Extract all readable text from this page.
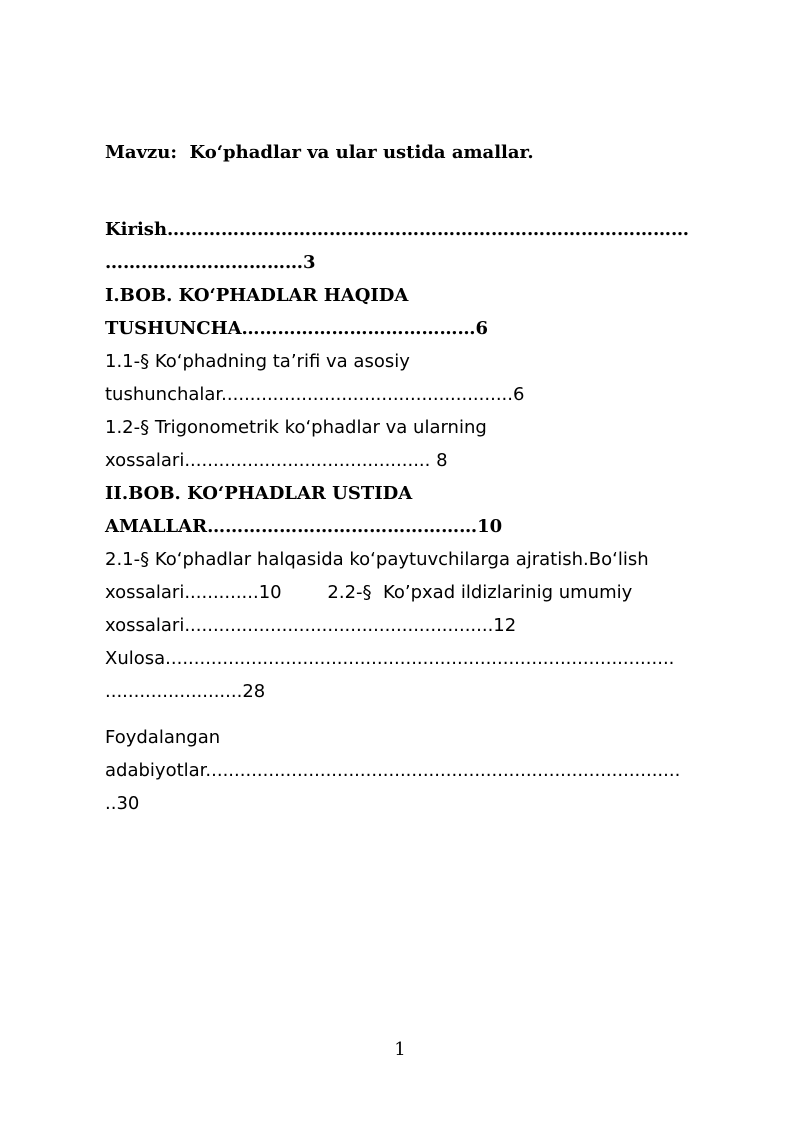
Mavzu:  Ko‘phadlar va ular ustida amallar.
Kirish……………………………………………………………………………
……………………………3
I.BOB. KO‘PHADLAR HAQIDA
TUSHUNCHA…………………………………6
1.1-§ Ko‘phadning ta’rifi va asosiy
tushunchalar...................................................6
1.2-§ Trigonometrik ko‘phadlar va ularning
xossalari........................................... 8
II.BOB. KO‘PHADLAR USTIDA
AMALLAR………………………………………10
2.1-§ Ko‘phadlar halqasida ko‘paytuvchilarga ajratish.Bo‘lish
xossalari.............10        2.2-§  Ko’pxad ildizlarinig umumiy
xossalari......................................................12
Xulosa.........................................................................................
........................28
Foydalangan
adabiyotlar...................................................................................
..30
1
